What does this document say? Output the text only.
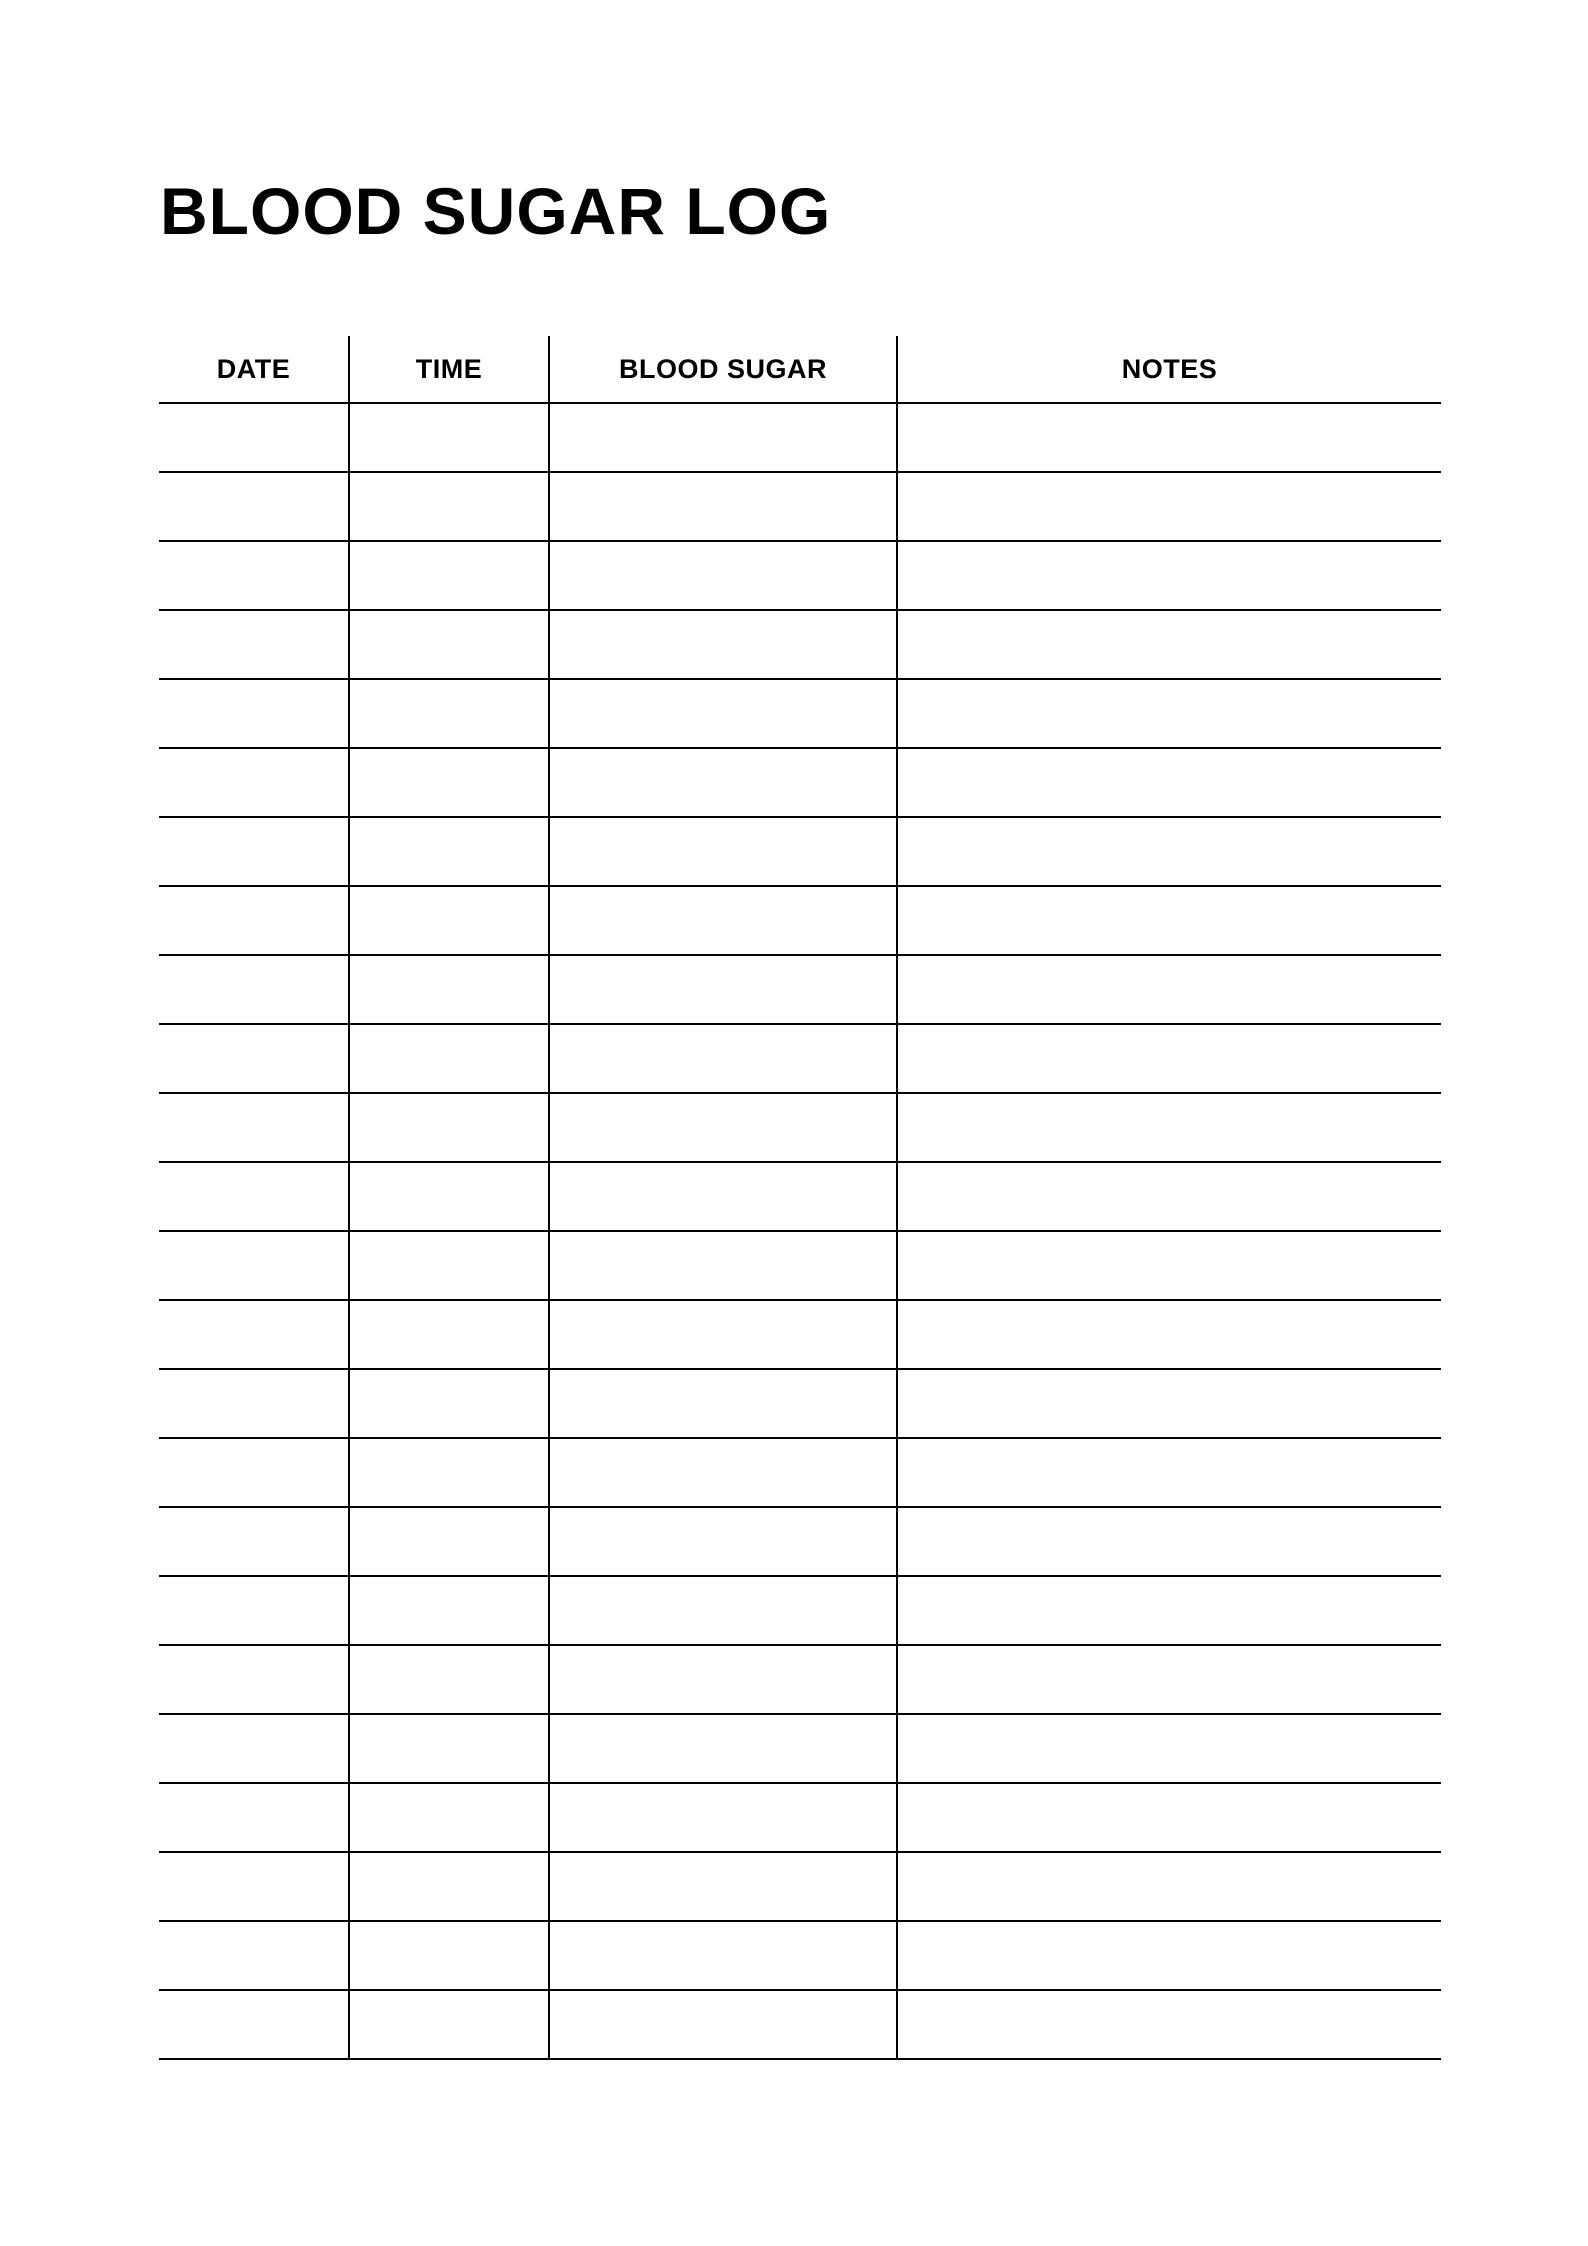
BLOOD SUGAR LOG
DATE	TIME	BLOOD SUGAR	NOTES
